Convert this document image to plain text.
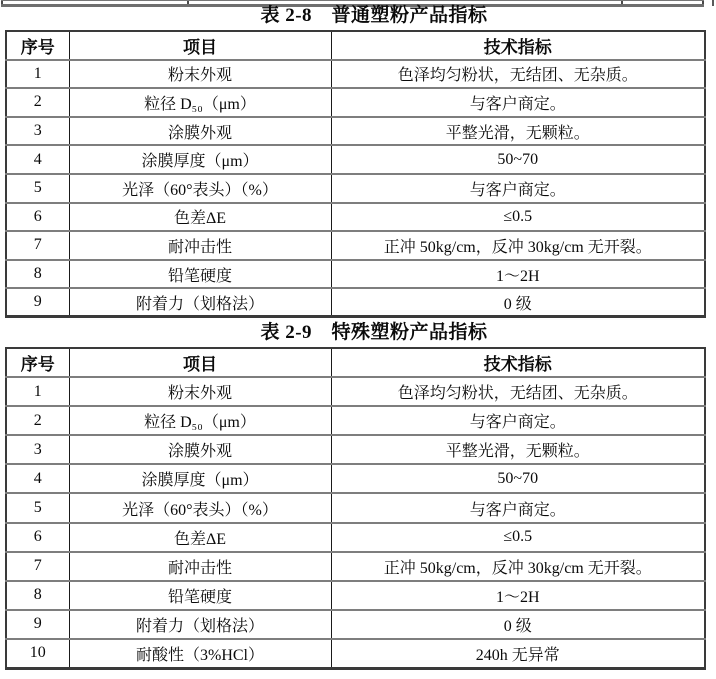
表 2-8　普通塑粉产品指标
序号	项目	技术指标
1	粉末外观	色泽均匀粉状，无结团、无杂质。
2	粒径 D₅₀（μm）	与客户商定。
3	涂膜外观	平整光滑，无颗粒。
4	涂膜厚度（μm）	50~70
5	光泽（60°表头）（%）	与客户商定。
6	色差ΔE	≤0.5
7	耐冲击性	正冲 50kg/cm，反冲 30kg/cm 无开裂。
8	铅笔硬度	1～2H
9	附着力（划格法）	0 级
表 2-9　特殊塑粉产品指标
序号	项目	技术指标
1	粉末外观	色泽均匀粉状，无结团、无杂质。
2	粒径 D₅₀（μm）	与客户商定。
3	涂膜外观	平整光滑，无颗粒。
4	涂膜厚度（μm）	50~70
5	光泽（60°表头）（%）	与客户商定。
6	色差ΔE	≤0.5
7	耐冲击性	正冲 50kg/cm，反冲 30kg/cm 无开裂。
8	铅笔硬度	1～2H
9	附着力（划格法）	0 级
10	耐酸性（3%HCl）	240h 无异常
